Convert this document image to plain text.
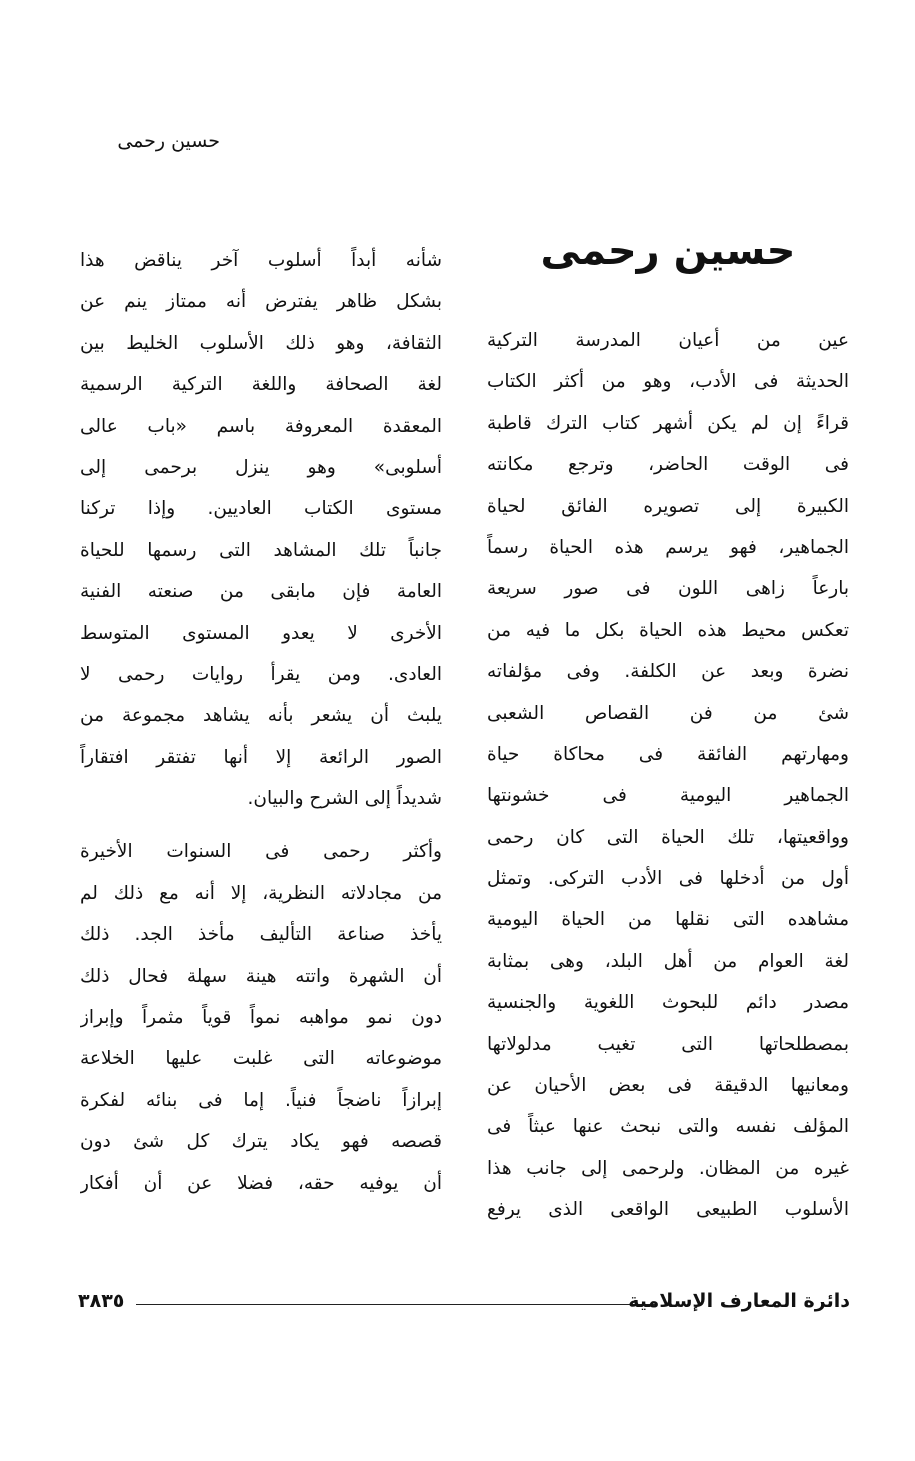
حسين رحمى
حسين رحمى
عين من أعيان المدرسة التركية
الحديثة فى الأدب، وهو من أكثر الكتاب
قراءً إن لم يكن أشهر كتاب الترك قاطبة
فى الوقت الحاضر، وترجع مكانته
الكبيرة إلى تصويره الفائق لحياة
الجماهير، فهو يرسم هذه الحياة رسماً
بارعاً زاهى اللون فى صور سريعة
تعكس محيط هذه الحياة بكل ما فيه من
نضرة وبعد عن الكلفة. وفى مؤلفاته
شئ من فن القصاص الشعبى
ومهارتهم الفائقة فى محاكاة حياة
الجماهير اليومية فى خشونتها
وواقعيتها، تلك الحياة التى كان رحمى
أول من أدخلها فى الأدب التركى. وتمثل
مشاهده التى نقلها من الحياة اليومية
لغة العوام من أهل البلد، وهى بمثابة
مصدر دائم للبحوث اللغوية والجنسية
بمصطلحاتها التى تغيب مدلولاتها
ومعانيها الدقيقة فى بعض الأحيان عن
المؤلف نفسه والتى نبحث عنها عبثاً فى
غيره من المظان. ولرحمى إلى جانب هذا
الأسلوب الطبيعى الواقعى الذى يرفع
شأنه أبداً أسلوب آخر يناقض هذا
بشكل ظاهر يفترض أنه ممتاز ينم عن
الثقافة، وهو ذلك الأسلوب الخليط بين
لغة الصحافة واللغة التركية الرسمية
المعقدة المعروفة باسم «باب عالى
أسلوبى» وهو ينزل برحمى إلى
مستوى الكتاب العاديين. وإذا تركنا
جانباً تلك المشاهد التى رسمها للحياة
العامة فإن مابقى من صنعته الفنية
الأخرى لا يعدو المستوى المتوسط
العادى. ومن يقرأ روايات رحمى لا
يلبث أن يشعر بأنه يشاهد مجموعة من
الصور الرائعة إلا أنها تفتقر افتقاراً
شديداً إلى الشرح والبيان.
وأكثر رحمى فى السنوات الأخيرة
من مجادلاته النظرية، إلا أنه مع ذلك لم
يأخذ صناعة التأليف مأخذ الجد. ذلك
أن الشهرة واتته هينة سهلة فحال ذلك
دون نمو مواهبه نمواً قوياً مثمراً وإبراز
موضوعاته التى غلبت عليها الخلاعة
إبرازاً ناضجاً فنياً. إما فى بنائه لفكرة
قصصه فهو يكاد يترك كل شئ دون
أن يوفيه حقه، فضلا عن أن أفكار
٣٨٣٥	دائرة المعارف الإسلامية
